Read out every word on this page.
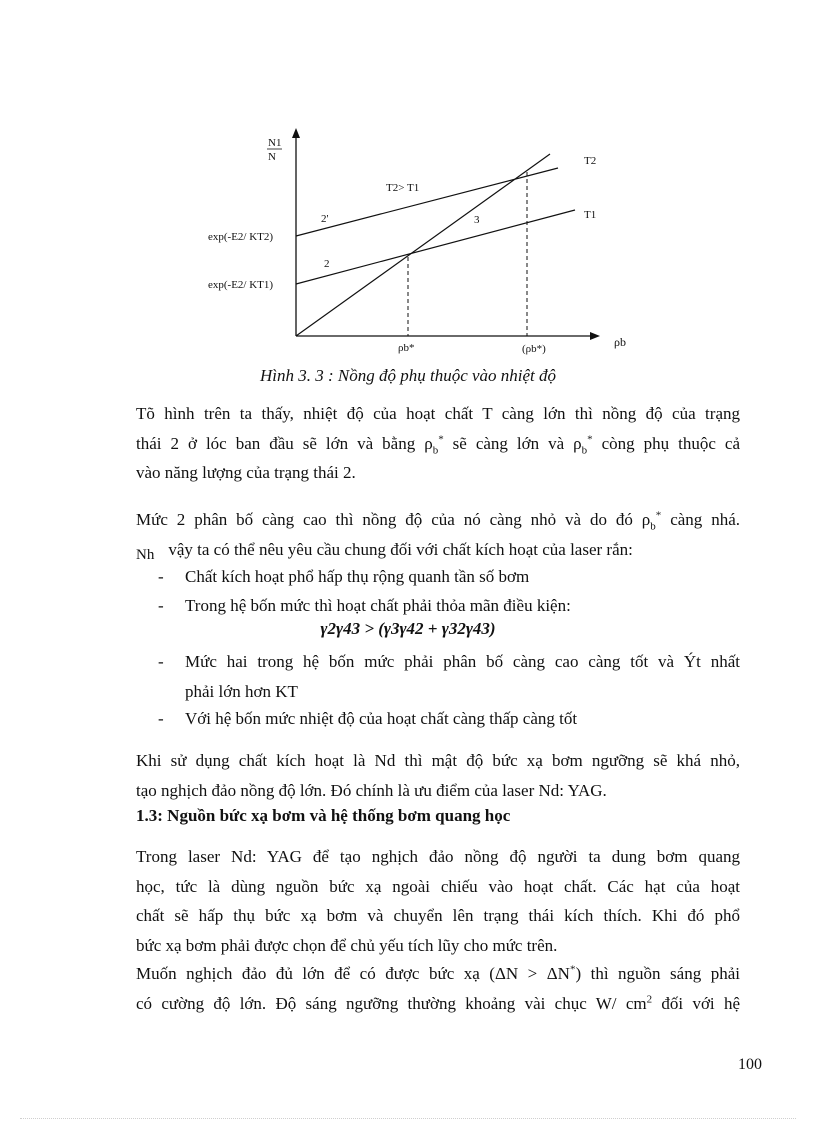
N1
N	T2
T1
T2> T1
2'	3
2
exp(-E2/ KT2)
exp(-E2/ KT1)
ρb*	(ρb*)	ρb
Hình 3. 3 : Nồng độ phụ thuộc vào nhiệt độ
Tõ hình trên ta thấy, nhiệt độ của hoạt chất T càng lớn thì nồng độ của trạng
thái 2 ở lóc ban đầu sẽ lớn và bằng $\rho_b^*$ sẽ càng lớn và $\rho_b^*$ còng phụ thuộc cả
vào năng lượng của trạng thái 2.
Mức 2 phân bố càng cao thì nồng độ của nó càng nhỏ và do đó $\rho_b^*$ càng nhá.
Nh vậy ta có thể nêu yêu cầu chung đối với chất kích hoạt của laser rắn:
-	Chất kích hoạt phổ hấp thụ rộng quanh tần số bơm
-	Trong hệ bốn mức thì hoạt chất phải thỏa mãn điều kiện:
γ2γ43 > (γ3γ42 + γ32γ43)
-	Mức hai trong hệ bốn mức phải phân bố càng cao càng tốt và Ýt nhất
phải lớn hơn KT
-	Với hệ bốn mức nhiệt độ của hoạt chất càng thấp càng tốt
Khi sử dụng chất kích hoạt là Nd thì mật độ bức xạ bơm ngưỡng sẽ khá nhỏ,
tạo nghịch đảo nồng độ lớn. Đó chính là ưu điểm của laser Nd: YAG.
1.3: Nguồn bức xạ bơm và hệ thống bơm quang học
Trong laser Nd: YAG để tạo nghịch đảo nồng độ người ta dung bơm quang
học, tức là dùng nguồn bức xạ ngoài chiếu vào hoạt chất. Các hạt của hoạt
chất sẽ hấp thụ bức xạ bơm và chuyển lên trạng thái kích thích. Khi đó phổ
bức xạ bơm phải được chọn để chủ yếu tích lũy cho mức trên.
Muốn nghịch đảo đủ lớn để có được bức xạ (ΔN > ΔN*) thì nguồn sáng phải
có cường độ lớn. Độ sáng ngưỡng thường khoảng vài chục W/ $cm^2$ đối với hệ
100
